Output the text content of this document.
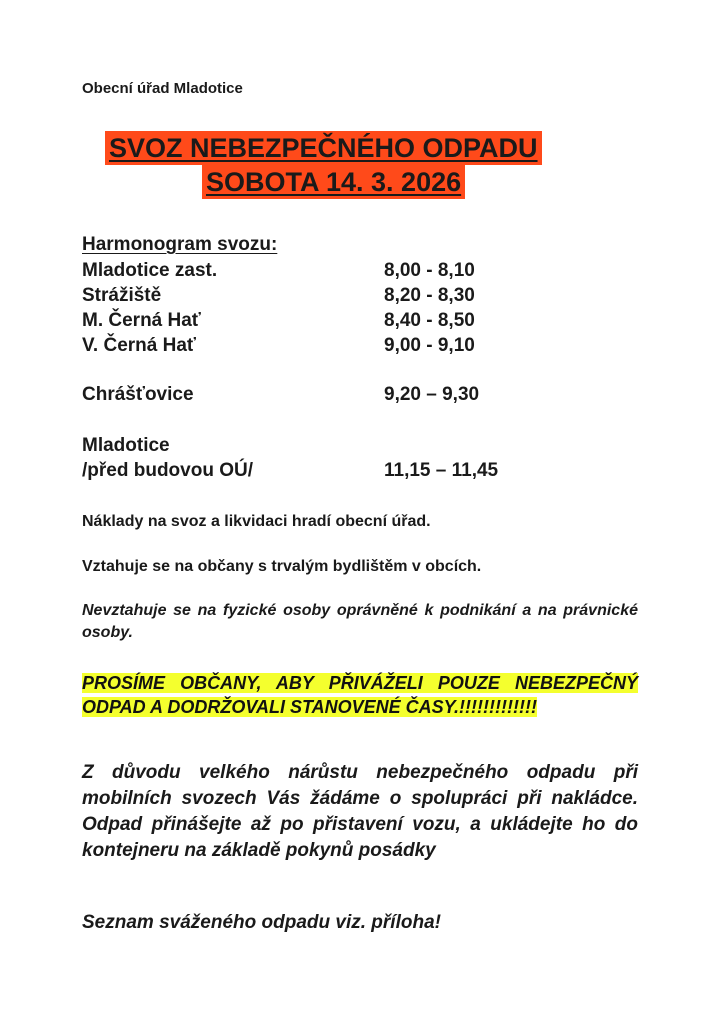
Obecní úřad Mladotice
SVOZ NEBEZPEČNÉHO ODPADU
SOBOTA 14. 3. 2026
Harmonogram svozu:
Mladotice zast.	8,00 - 8,10
Strážiště	8,20 - 8,30
M. Černá Hať	8,40 - 8,50
V. Černá Hať	9,00 - 9,10
Chrášťovice	9,20 – 9,30
Mladotice
/před budovou OÚ/	11,15 – 11,45
Náklady na svoz a likvidaci hradí obecní úřad.
Vztahuje se na občany s trvalým bydlištěm v obcích.
Nevztahuje se na fyzické osoby oprávněné k podnikání a na právnické osoby.
PROSÍME OBČANY, ABY PŘIVÁŽELI POUZE NEBEZPEČNÝ ODPAD A DODRŽOVALI STANOVENÉ ČASY.!!!!!!!!!!!!!
Z důvodu velkého nárůstu nebezpečného odpadu při mobilních svozech Vás žádáme o spolupráci při nakládce. Odpad přinášejte až po přistavení vozu, a ukládejte ho do kontejneru na základě pokynů posádky
Seznam sváženého odpadu viz. příloha!
